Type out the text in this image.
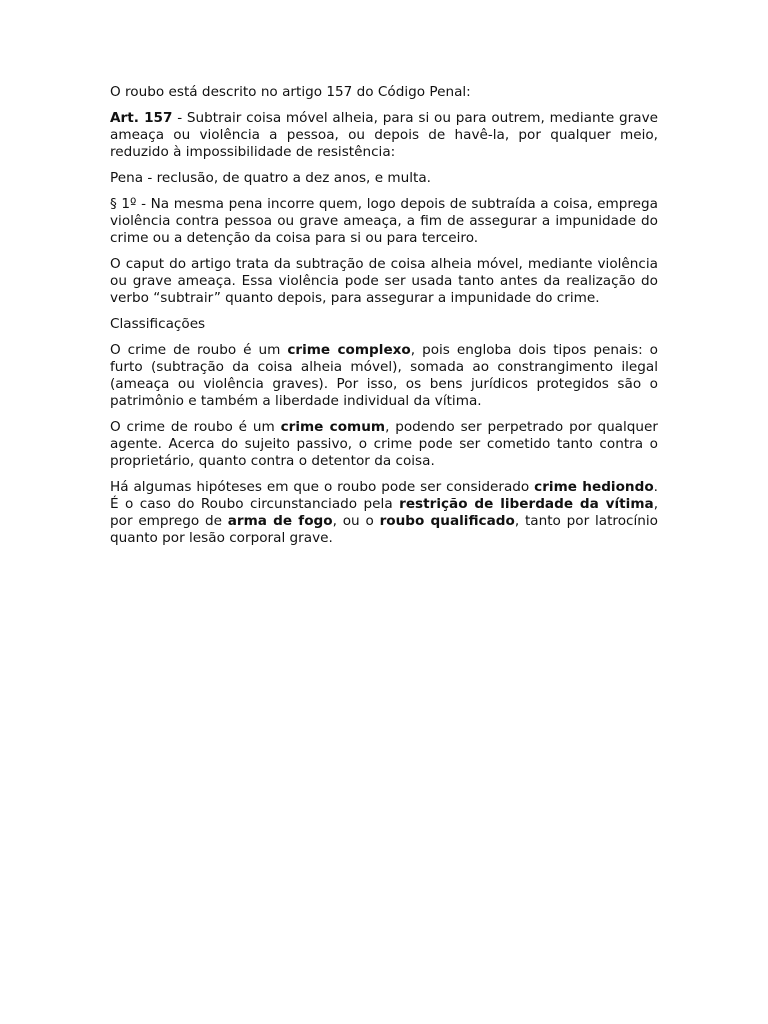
O roubo está descrito no artigo 157 do Código Penal:

Art. 157 - Subtrair coisa móvel alheia, para si ou para outrem, mediante grave ameaça ou violência a pessoa, ou depois de havê-la, por qualquer meio, reduzido à impossibilidade de resistência:

Pena - reclusão, de quatro a dez anos, e multa.

§ 1º - Na mesma pena incorre quem, logo depois de subtraída a coisa, emprega violência contra pessoa ou grave ameaça, a fim de assegurar a impunidade do crime ou a detenção da coisa para si ou para terceiro.

O caput do artigo trata da subtração de coisa alheia móvel, mediante violência ou grave ameaça. Essa violência pode ser usada tanto antes da realização do verbo “subtrair” quanto depois, para assegurar a impunidade do crime.

Classificações

O crime de roubo é um crime complexo, pois engloba dois tipos penais: o furto (subtração da coisa alheia móvel), somada ao constrangimento ilegal (ameaça ou violência graves). Por isso, os bens jurídicos protegidos são o patrimônio e também a liberdade individual da vítima.

O crime de roubo é um crime comum, podendo ser perpetrado por qualquer agente. Acerca do sujeito passivo, o crime pode ser cometido tanto contra o proprietário, quanto contra o detentor da coisa.

Há algumas hipóteses em que o roubo pode ser considerado crime hediondo. É o caso do Roubo circunstanciado pela restrição de liberdade da vítima, por emprego de arma de fogo, ou o roubo qualificado, tanto por latrocínio quanto por lesão corporal grave.
